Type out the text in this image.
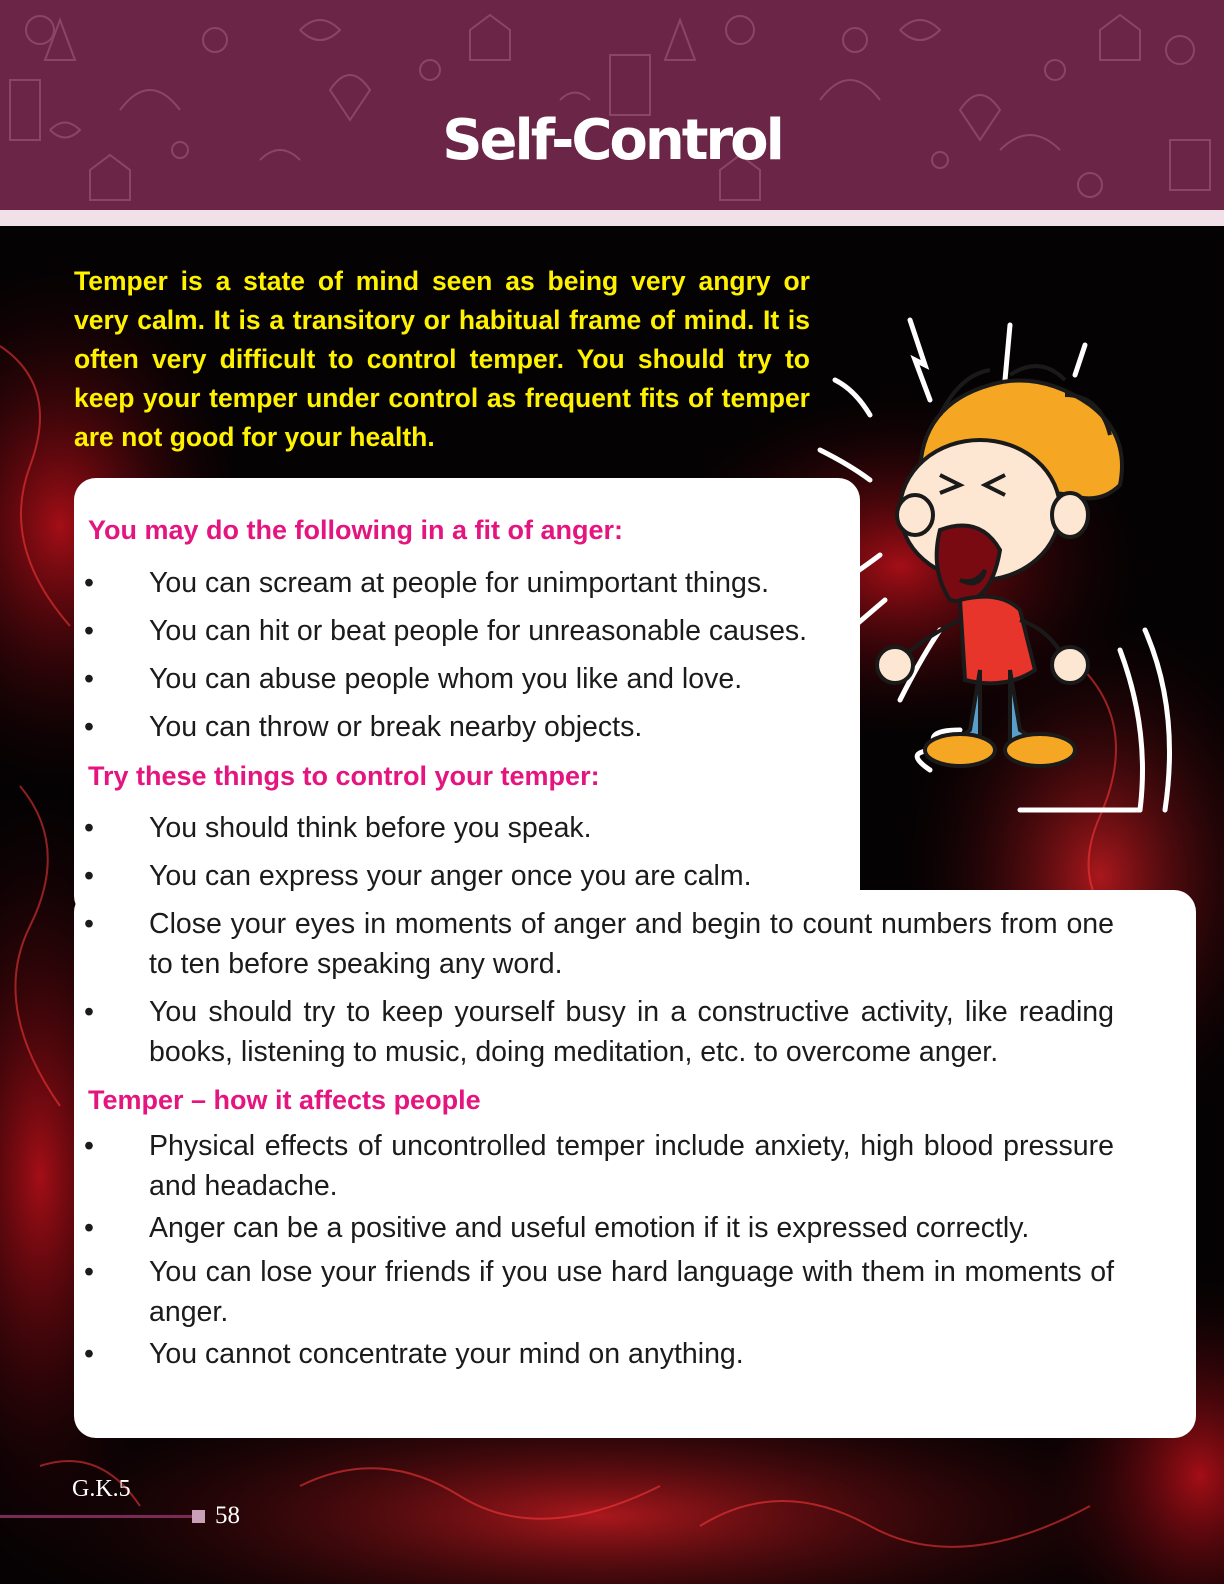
Self-Control
Temper is a state of mind seen as being very angry or very calm. It is a transitory or habitual frame of mind. It is often very difficult to control temper. You should try to keep your temper under control as frequent fits of temper are not good for your health.
You may do the following in a fit of anger:
•	You can scream at people for unimportant things.
•	You can hit or beat people for unreasonable causes.
•	You can abuse people whom you like and love.
•	You can throw or break nearby objects.
Try these things to control your temper:
•	You should think before you speak.
•	You can express your anger once you are calm.
•	Close your eyes in moments of anger and begin to count numbers from one to ten before speaking any word.
•	You should try to keep yourself busy in a constructive activity, like reading books, listening to music, doing meditation, etc. to overcome anger.
Temper – how it affects people
•	Physical effects of uncontrolled temper include anxiety, high blood pressure and headache.
•	Anger can be a positive and useful emotion if it is expressed correctly.
•	You can lose your friends if you use hard language with them in moments of anger.
•	You cannot concentrate your mind on anything.
G.K.5
58
